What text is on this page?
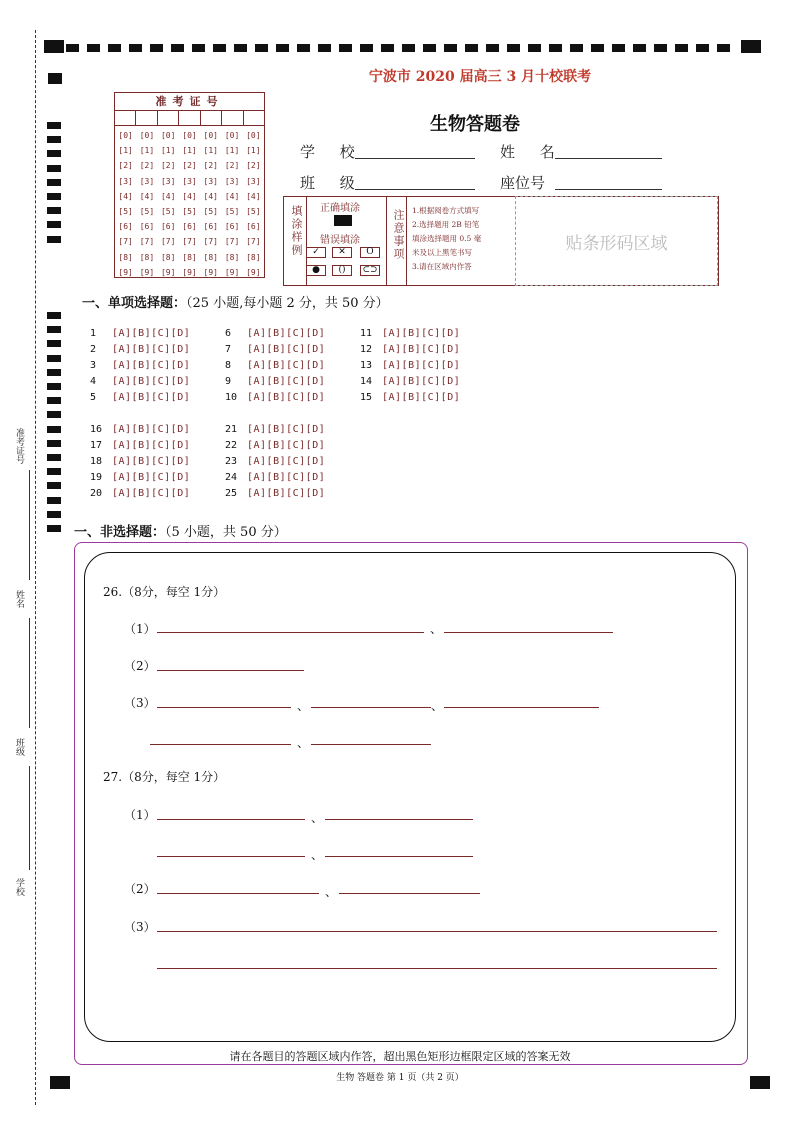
准考证号
姓名
班级
学校
宁波市 2020 届高三 3 月十校联考
生物答题卷
准考证号
[0] [0] [0] [0] [0] [0] [0]
[1] [1] [1] [1] [1] [1] [1]
[2] [2] [2] [2] [2] [2] [2]
[3] [3] [3] [3] [3] [3] [3]
[4] [4] [4] [4] [4] [4] [4]
[5] [5] [5] [5] [5] [5] [5]
[6] [6] [6] [6] [6] [6] [6]
[7] [7] [7] [7] [7] [7] [7]
[8] [8] [8] [8] [8] [8] [8]
[9] [9] [9] [9] [9] [9] [9]
学 校	姓 名
班 级	座位号
填涂样例 正确填涂
错误填涂
✓	✕	O
●	()	⊂⊃
注意事项 1.根据阅卷方式填写
2.选择题用 2B 铅笔
填涂选择题用 0.5 毫
米及以上黑笔书写
3.请在区域内作答
贴条形码区域
一、单项选择题：（25 小题,每小题 2 分，共 50 分）
1	[A][B][C][D]
2	[A][B][C][D]
3	[A][B][C][D]
4	[A][B][C][D]
5	[A][B][C][D]
6	[A][B][C][D]
7	[A][B][C][D]
8	[A][B][C][D]
9	[A][B][C][D]
10 [A][B][C][D]
11 [A][B][C][D]
12 [A][B][C][D]
13 [A][B][C][D]
14 [A][B][C][D]
15 [A][B][C][D]
16 [A][B][C][D]
17 [A][B][C][D]
18 [A][B][C][D]
19 [A][B][C][D]
20 [A][B][C][D]
21 [A][B][C][D]
22 [A][B][C][D]
23 [A][B][C][D]
24 [A][B][C][D]
25 [A][B][C][D]
一、非选择题：（5 小题，共 50 分）
26.（8分，每空 1分）
（1）	、
（2）
（3）	、	、
、
27.（8分，每空 1分）
（1）	、
、
（2）	、
（3）
请在各题目的答题区域内作答，超出黑色矩形边框限定区域的答案无效
生物 答题卷 第 1 页（共 2 页）
